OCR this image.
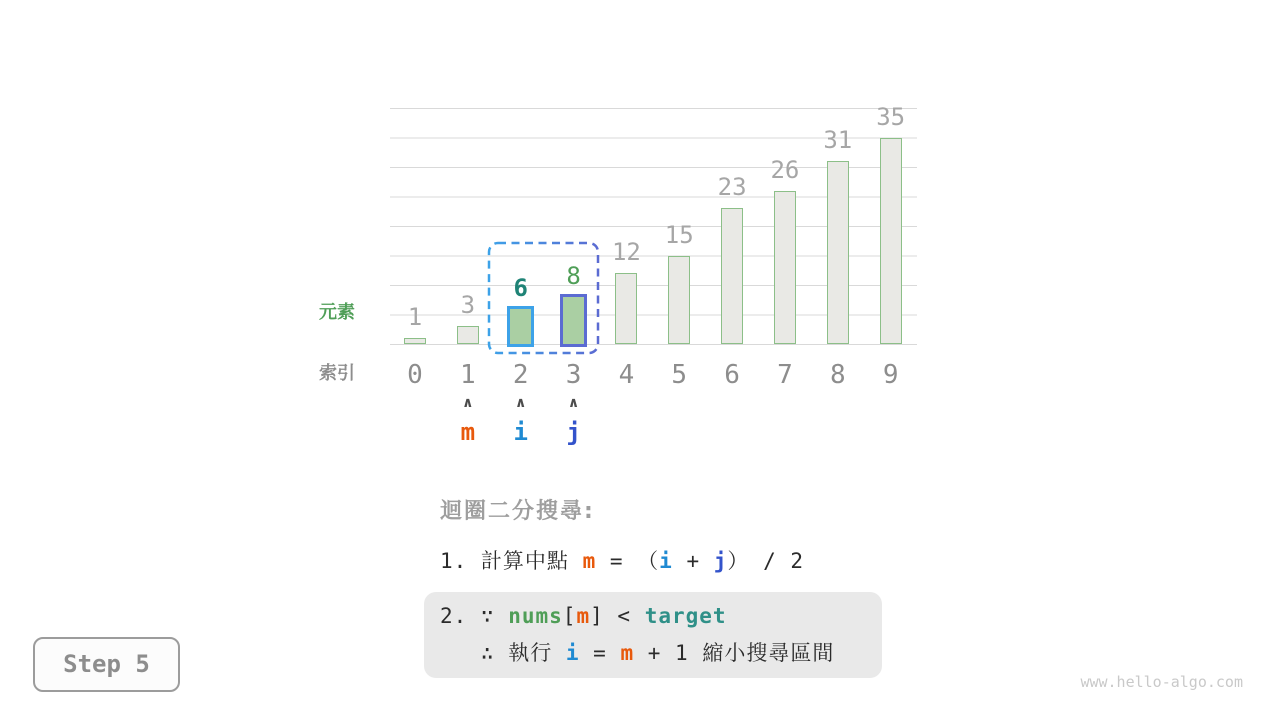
1	3
6	8
12
15
23
26
31
35
元素
索引	0	1	2	3	4	5	6	7	8	9
∧
m
∧
i
∧
j
迴圈二分搜尋:
1. 計算中點 m = （i + j） / 2
2. ∵ nums[m] < target
∴ 執行 i = m + 1 縮小搜尋區間
Step 5
www.hello-algo.com
